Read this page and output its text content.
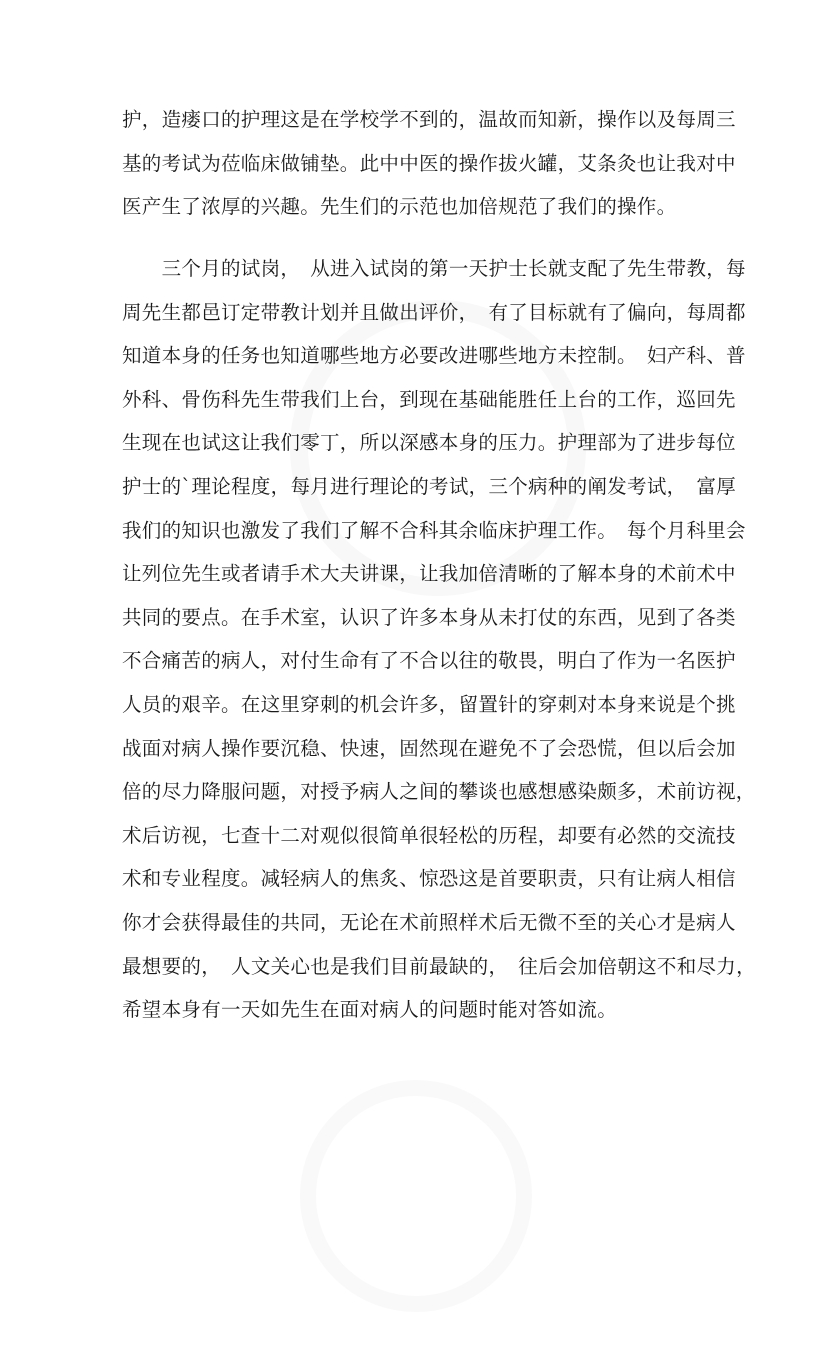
护，造瘘口的护理这是在学校学不到的，温故而知新，操作以及每周三
基的考试为莅临床做铺垫。此中中医的操作拔火罐，艾条灸也让我对中
医产生了浓厚的兴趣。先生们的示范也加倍规范了我们的操作。
　　三个月的试岗，　从进入试岗的第一天护士长就支配了先生带教，每
周先生都邑订定带教计划并且做出评价，　有了目标就有了偏向，每周都
知道本身的任务也知道哪些地方必要改进哪些地方未控制。　妇产科、普
外科、骨伤科先生带我们上台，到现在基础能胜任上台的工作，巡回先
生现在也试这让我们零丁，所以深感本身的压力。护理部为了进步每位
护士的`理论程度，每月进行理论的考试，三个病种的阐发考试，　富厚
我们的知识也激发了我们了解不合科其余临床护理工作。　每个月科里会
让列位先生或者请手术大夫讲课，让我加倍清晰的了解本身的术前术中
共同的要点。在手术室，认识了许多本身从未打仗的东西，见到了各类
不合痛苦的病人，对付生命有了不合以往的敬畏，明白了作为一名医护
人员的艰辛。在这里穿刺的机会许多，留置针的穿刺对本身来说是个挑
战面对病人操作要沉稳、快速，固然现在避免不了会恐慌，但以后会加
倍的尽力降服问题，对授予病人之间的攀谈也感想感染颇多，术前访视，
术后访视，七查十二对观似很简单很轻松的历程，却要有必然的交流技
术和专业程度。减轻病人的焦炙、惊恐这是首要职责，只有让病人相信
你才会获得最佳的共同，无论在术前照样术后无微不至的关心才是病人
最想要的，　人文关心也是我们目前最缺的，　往后会加倍朝这不和尽力，
希望本身有一天如先生在面对病人的问题时能对答如流。
